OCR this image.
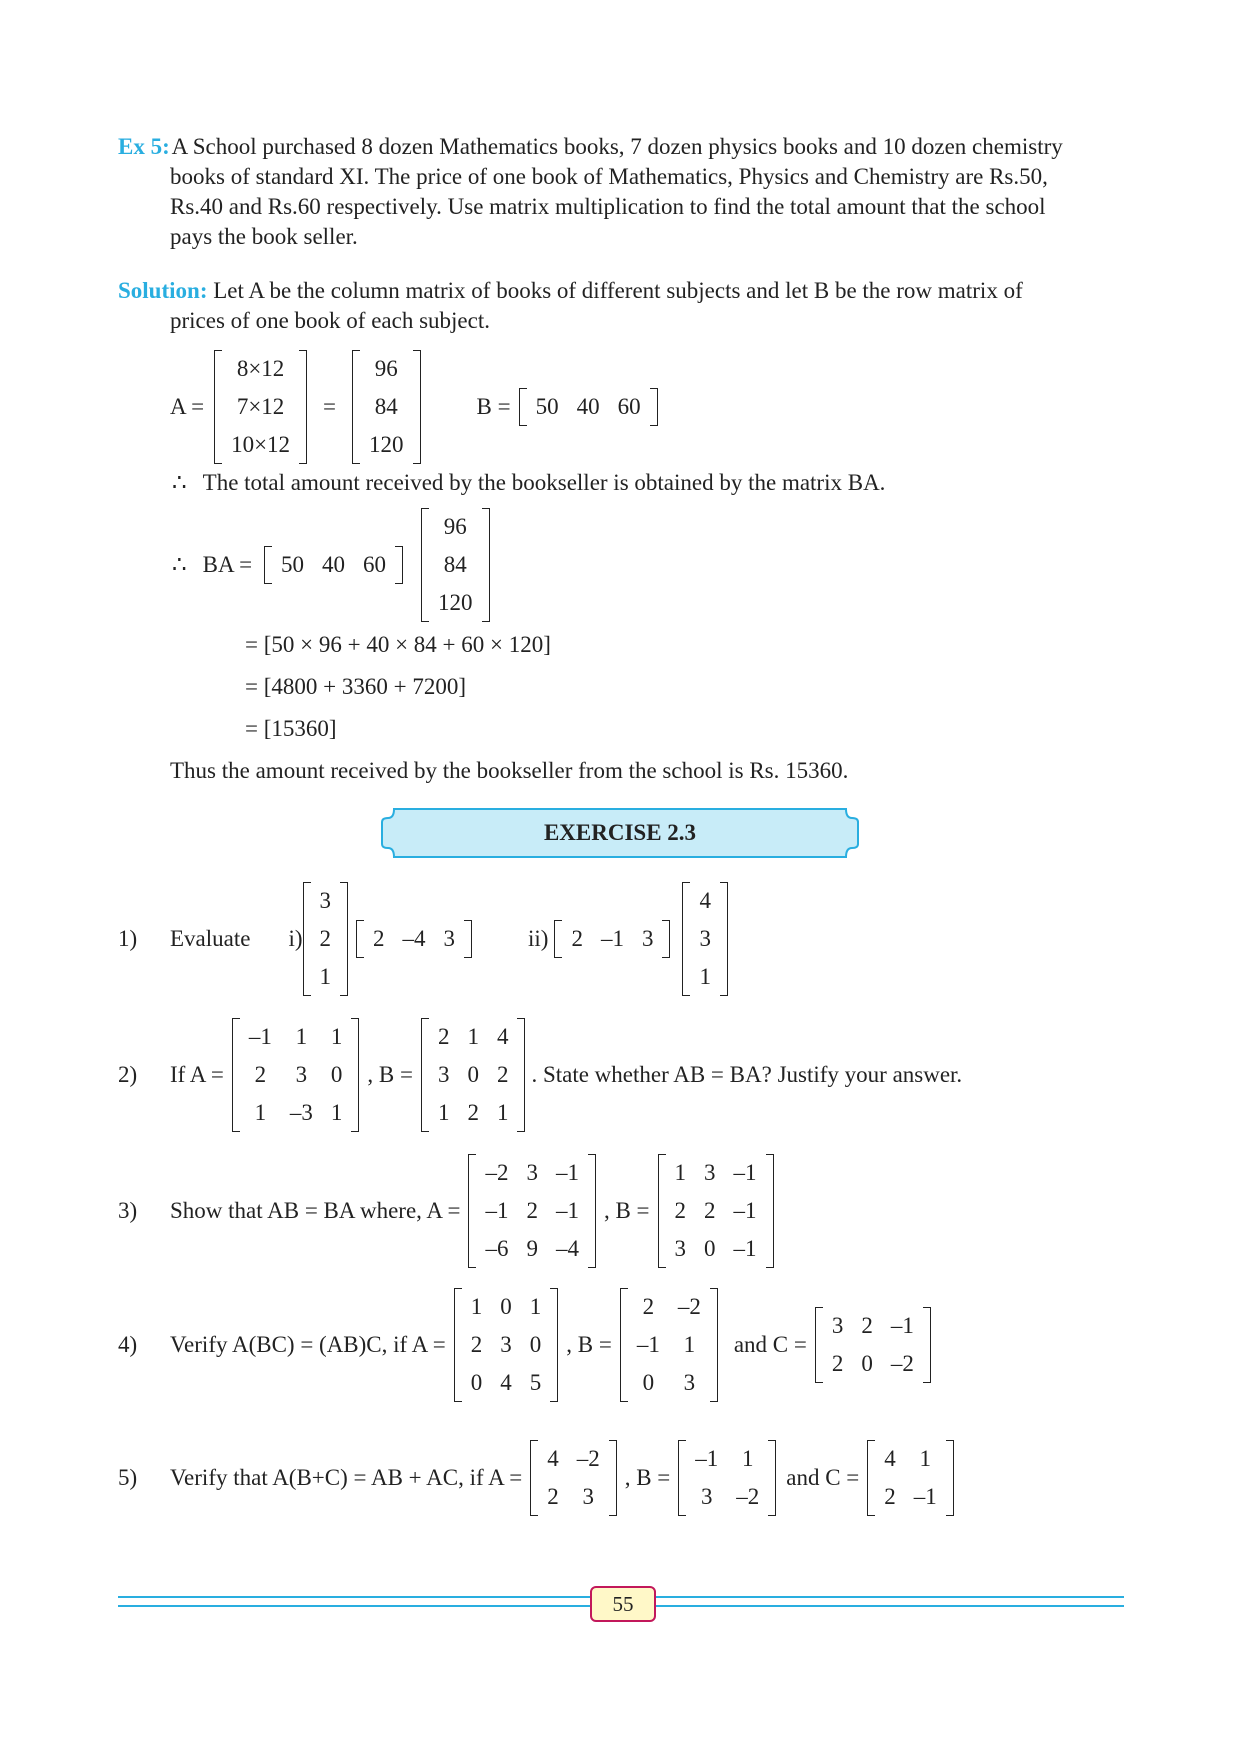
Ex 5: A School purchased 8 dozen Mathematics books, 7 dozen physics books and 10 dozen chemistry
books of standard XI. The price of one book of Mathematics, Physics and Chemistry are Rs.50,
Rs.40 and Rs.60 respectively. Use matrix multiplication to find the total amount that the school
pays the book seller.
Solution: Let A be the column matrix of books of different subjects and let B be the row matrix of
prices of one book of each subject.
A =
8×12
7×12
10×12
=
96
84
120
B = 50	40	60
∴ The total amount received by the bookseller is obtained by the matrix BA.
∴ BA = 50	40	60
96
84
120
= [50 × 96 + 40 × 84 + 60 × 120]
= [4800 + 3360 + 7200]
= [15360]
Thus the amount received by the bookseller from the school is Rs. 15360.
EXERCISE 2.3
1)	Evaluate i)
3
2
1
2	–4	3	ii) 2	–1	3
4
3
1
2)	If A =
–1	1	1
2	3	0
1	–3	1
, B =
2	1	4
3	0	2
1	2	1
. State whether AB = BA? Justify your answer.
3)	Show that AB = BA where, A =
–2	3	–1
–1	2	–1
–6	9	–4
, B =
1	3	–1
2	2	–1
3	0	–1
4)	Verify A(BC) = (AB)C, if A =
1	0	1
2	3	0
0	4	5
, B =
2	–2
–1	1
0	3
and C =
3	2	–1
2	0	–2
5)	Verify that A(B+C) = AB + AC, if A =
4	–2
2	3
, B =
–1	1
3	–2
and C =
4	1
2	–1
55
